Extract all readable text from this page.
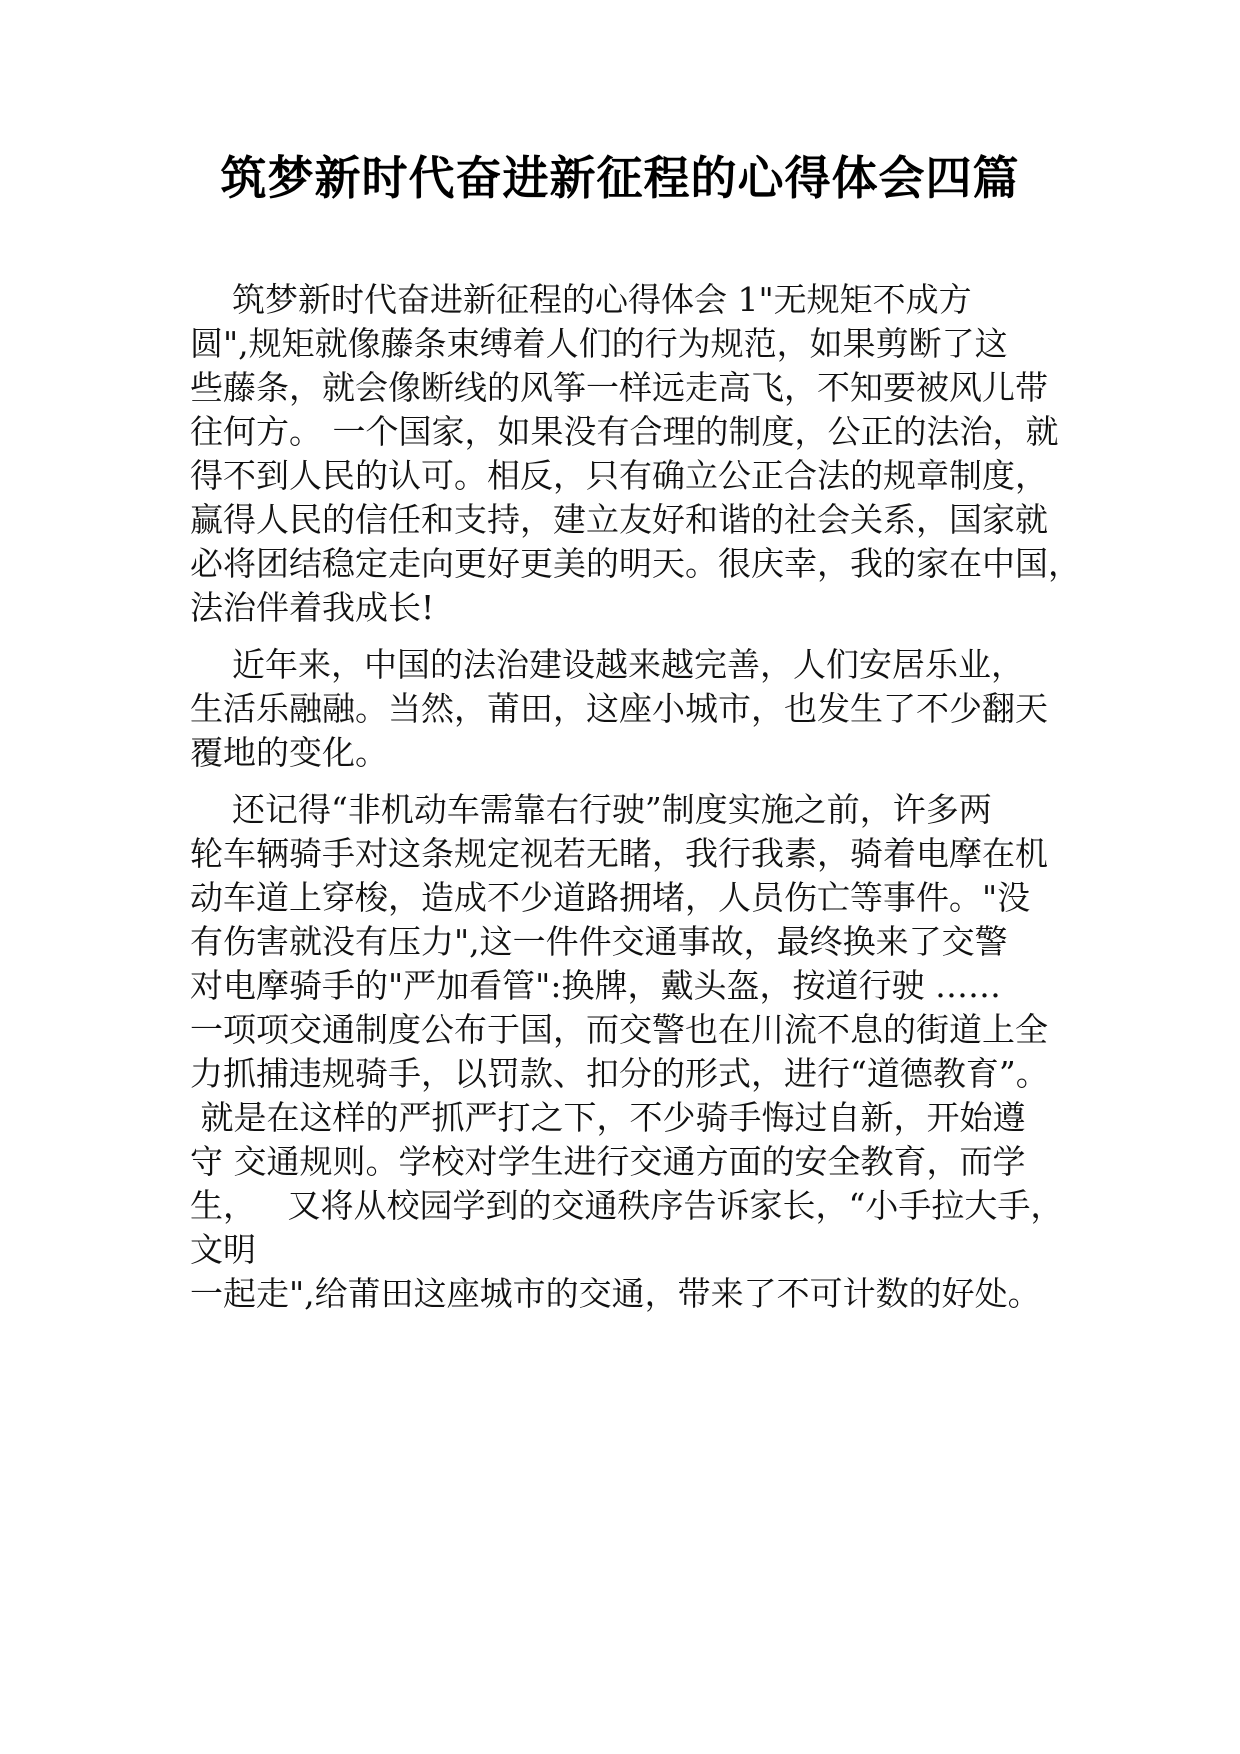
筑梦新时代奋进新征程的心得体会四篇
筑梦新时代奋进新征程的心得体会 1"无规矩不成方
圆",规矩就像藤条束缚着人们的行为规范，如果剪断了这
些藤条，就会像断线的风筝一样远走高飞，不知要被风儿带
往何方。 一个国家，如果没有合理的制度，公正的法治，就
得不到人民的认可。相反，只有确立公正合法的规章制度，
赢得人民的信任和支持，建立友好和谐的社会关系，国家就
必将团结稳定走向更好更美的明天。很庆幸，我的家在中国，
法治伴着我成长!
近年来，中国的法治建设越来越完善，人们安居乐业，
生活乐融融。当然，莆田，这座小城市，也发生了不少翻天
覆地的变化。
还记得“非机动车需靠右行驶”制度实施之前，许多两
轮车辆骑手对这条规定视若无睹，我行我素，骑着电摩在机
动车道上穿梭，造成不少道路拥堵，人员伤亡等事件。"没
有伤害就没有压力",这一件件交通事故，最终换来了交警
对电摩骑手的"严加看管":换牌，戴头盔，按道行驶 ……
一项项交通制度公布于国，而交警也在川流不息的街道上全
力抓捕违规骑手，以罚款、扣分的形式，进行“道德教育”。
就是在这样的严抓严打之下，不少骑手悔过自新，开始遵
守 交通规则。学校对学生进行交通方面的安全教育，而学
生，   又将从校园学到的交通秩序告诉家长，“小手拉大手，
文明
一起走",给莆田这座城市的交通，带来了不可计数的好处。
